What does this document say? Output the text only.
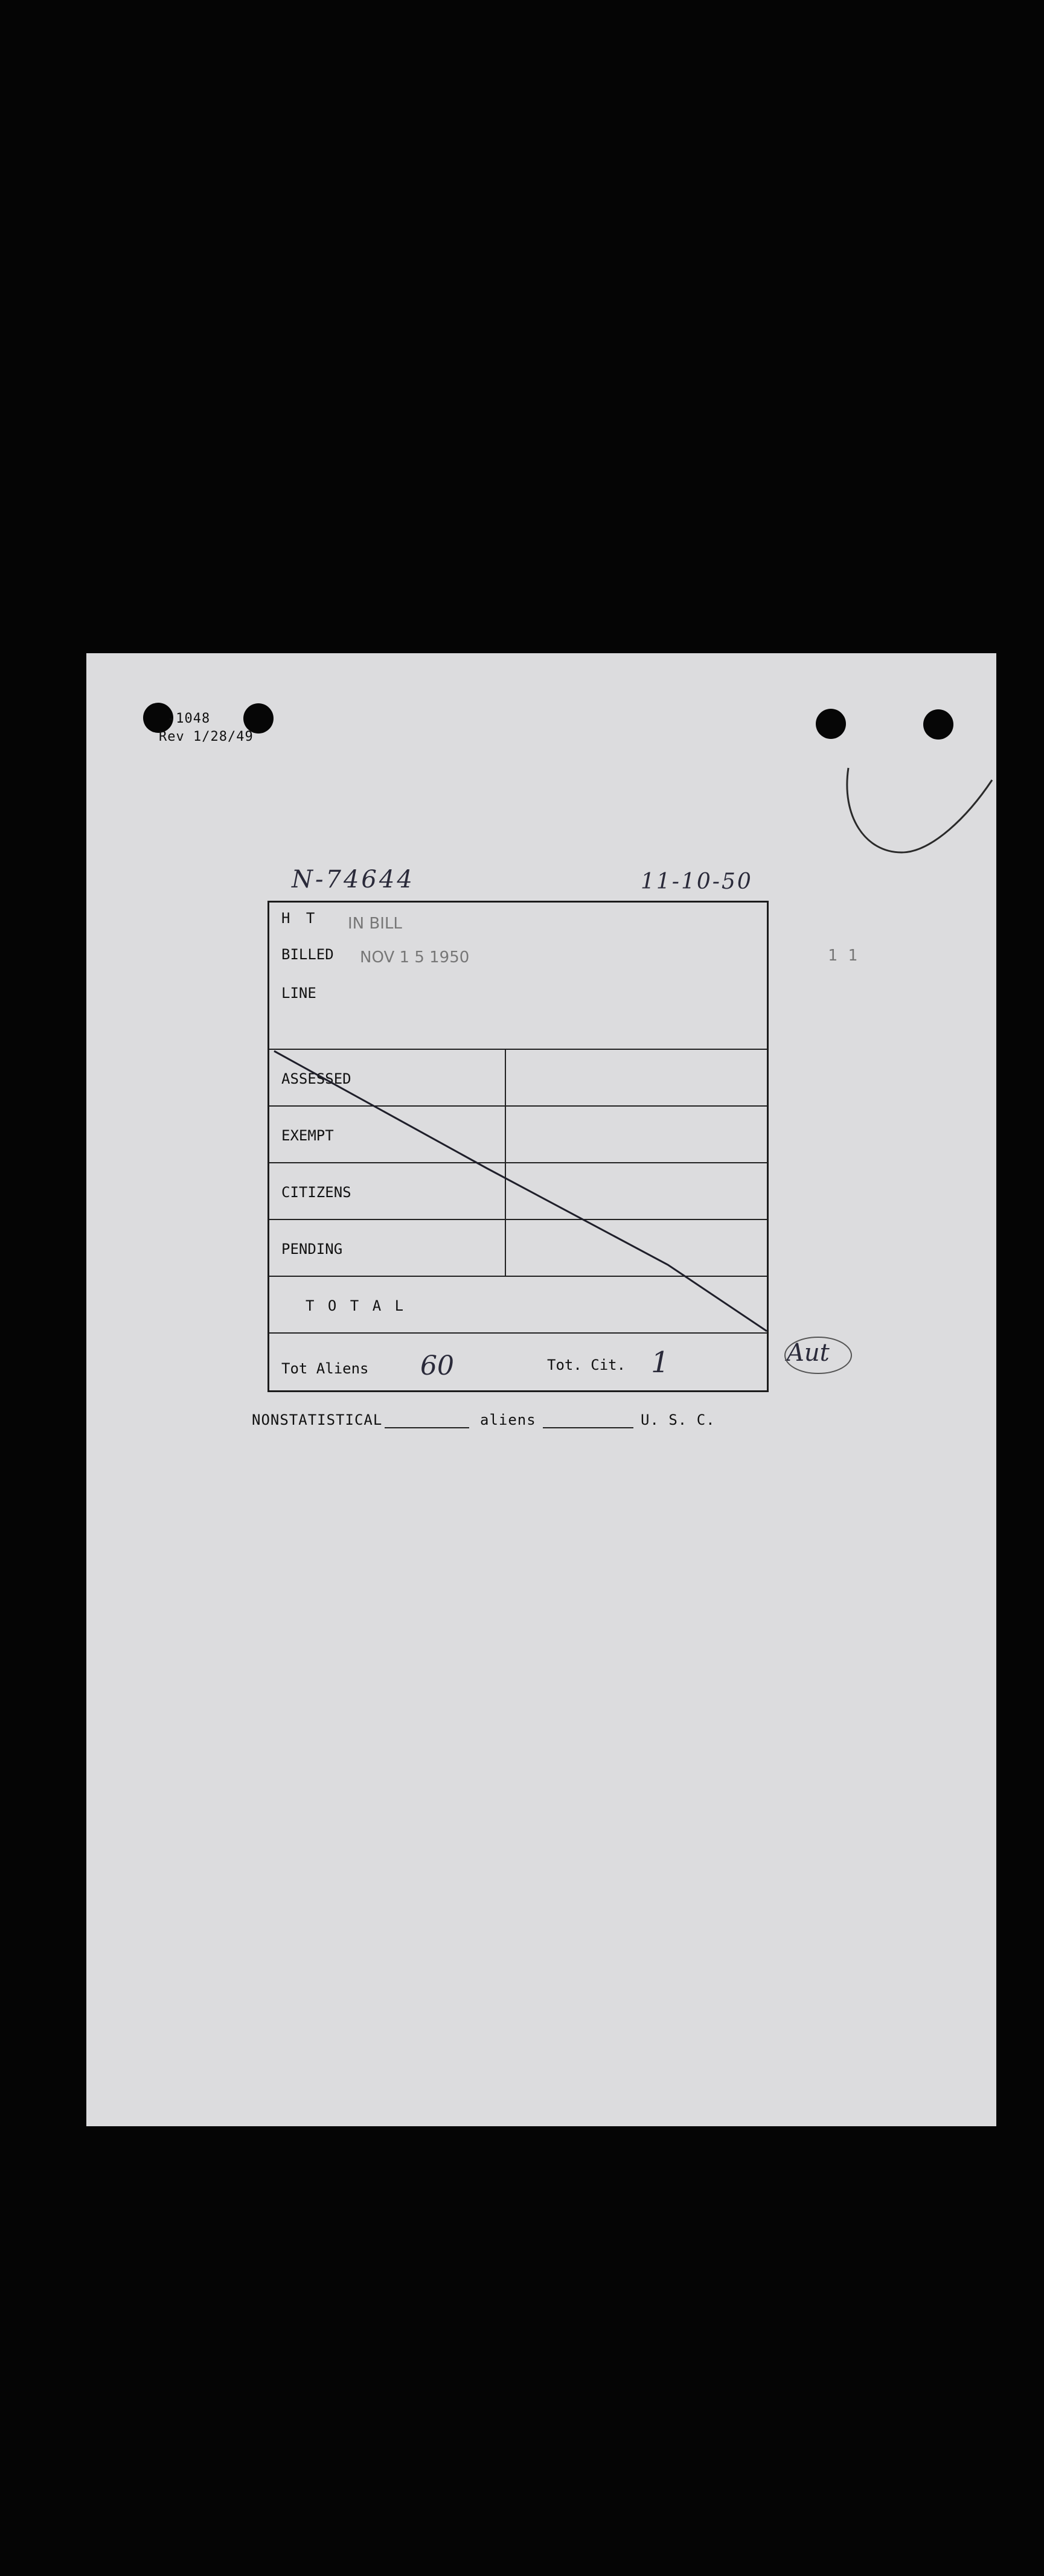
-1048
Rev 1/28/49
N-74644	11-10-50
1 1
H T IN BILL
BILLED NOV 1 5 1950
LINE
ASSESSED
EXEMPT
CITIZENS
PENDING
T O T A L
Tot Aliens 60	Tot. Cit. 1	Aut
NONSTATISTICAL	aliens	U. S. C.
